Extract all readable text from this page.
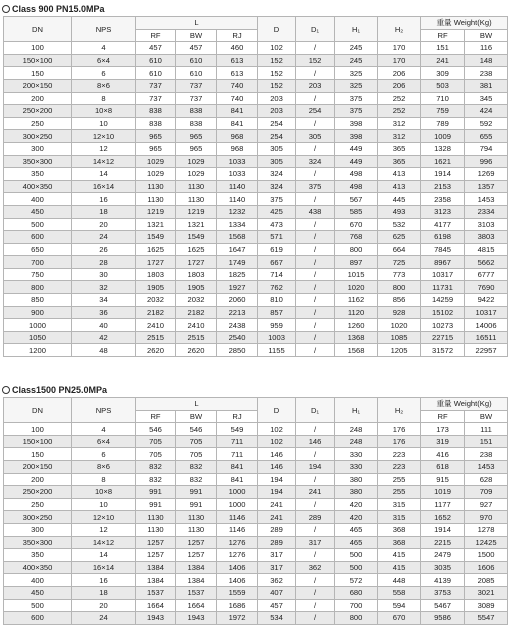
Class 900 PN15.0MPa
DN	NPS	L			D	D₁	H₁	H₂	重量 Weight(Kg)	
		RF	BW	RJ					RF	BW
100	4	457	457	460	102	/	245	170	151	116
150×100	6×4	610	610	613	152	152	245	170	241	148
150	6	610	610	613	152	/	325	206	309	238
200×150	8×6	737	737	740	152	203	325	206	503	381
200	8	737	737	740	203	/	375	252	710	345
250×200	10×8	838	838	841	203	254	375	252	759	424
250	10	838	838	841	254	/	398	312	789	592
300×250	12×10	965	965	968	254	305	398	312	1009	655
300	12	965	965	968	305	/	449	365	1328	794
350×300	14×12	1029	1029	1033	305	324	449	365	1621	996
350	14	1029	1029	1033	324	/	498	413	1914	1269
400×350	16×14	1130	1130	1140	324	375	498	413	2153	1357
400	16	1130	1130	1140	375	/	567	445	2358	1453
450	18	1219	1219	1232	425	438	585	493	3123	2334
500	20	1321	1321	1334	473	/	670	532	4177	3103
600	24	1549	1549	1568	571	/	768	625	6198	3803
650	26	1625	1625	1647	619	/	800	664	7845	4815
700	28	1727	1727	1749	667	/	897	725	8967	5662
750	30	1803	1803	1825	714	/	1015	773	10317	6777
800	32	1905	1905	1927	762	/	1020	800	11731	7690
850	34	2032	2032	2060	810	/	1162	856	14259	9422
900	36	2182	2182	2213	857	/	1120	928	15102	10317
1000	40	2410	2410	2438	959	/	1260	1020	10273	14006
1050	42	2515	2515	2540	1003	/	1368	1085	22715	16511
1200	48	2620	2620	2850	1155	/	1568	1205	31572	22957
Class1500 PN25.0MPa
DN	NPS	L			D	D₁	H₁	H₂	重量 Weight(Kg)	
		RF	BW	RJ					RF	BW
100	4	546	546	549	102	/	248	176	173	111
150×100	6×4	705	705	711	102	146	248	176	319	151
150	6	705	705	711	146	/	330	223	416	238
200×150	8×6	832	832	841	146	194	330	223	618	1453
200	8	832	832	841	194	/	380	255	915	628
250×200	10×8	991	991	1000	194	241	380	255	1019	709
250	10	991	991	1000	241	/	420	315	1177	927
300×250	12×10	1130	1130	1146	241	289	420	315	1652	970
300	12	1130	1130	1146	289	/	465	368	1914	1278
350×300	14×12	1257	1257	1276	289	317	465	368	2215	12425
350	14	1257	1257	1276	317	/	500	415	2479	1500
400×350	16×14	1384	1384	1406	317	362	500	415	3035	1606
400	16	1384	1384	1406	362	/	572	448	4139	2085
450	18	1537	1537	1559	407	/	680	558	3753	3021
500	20	1664	1664	1686	457	/	700	594	5467	3089
600	24	1943	1943	1972	534	/	800	670	9586	5547
